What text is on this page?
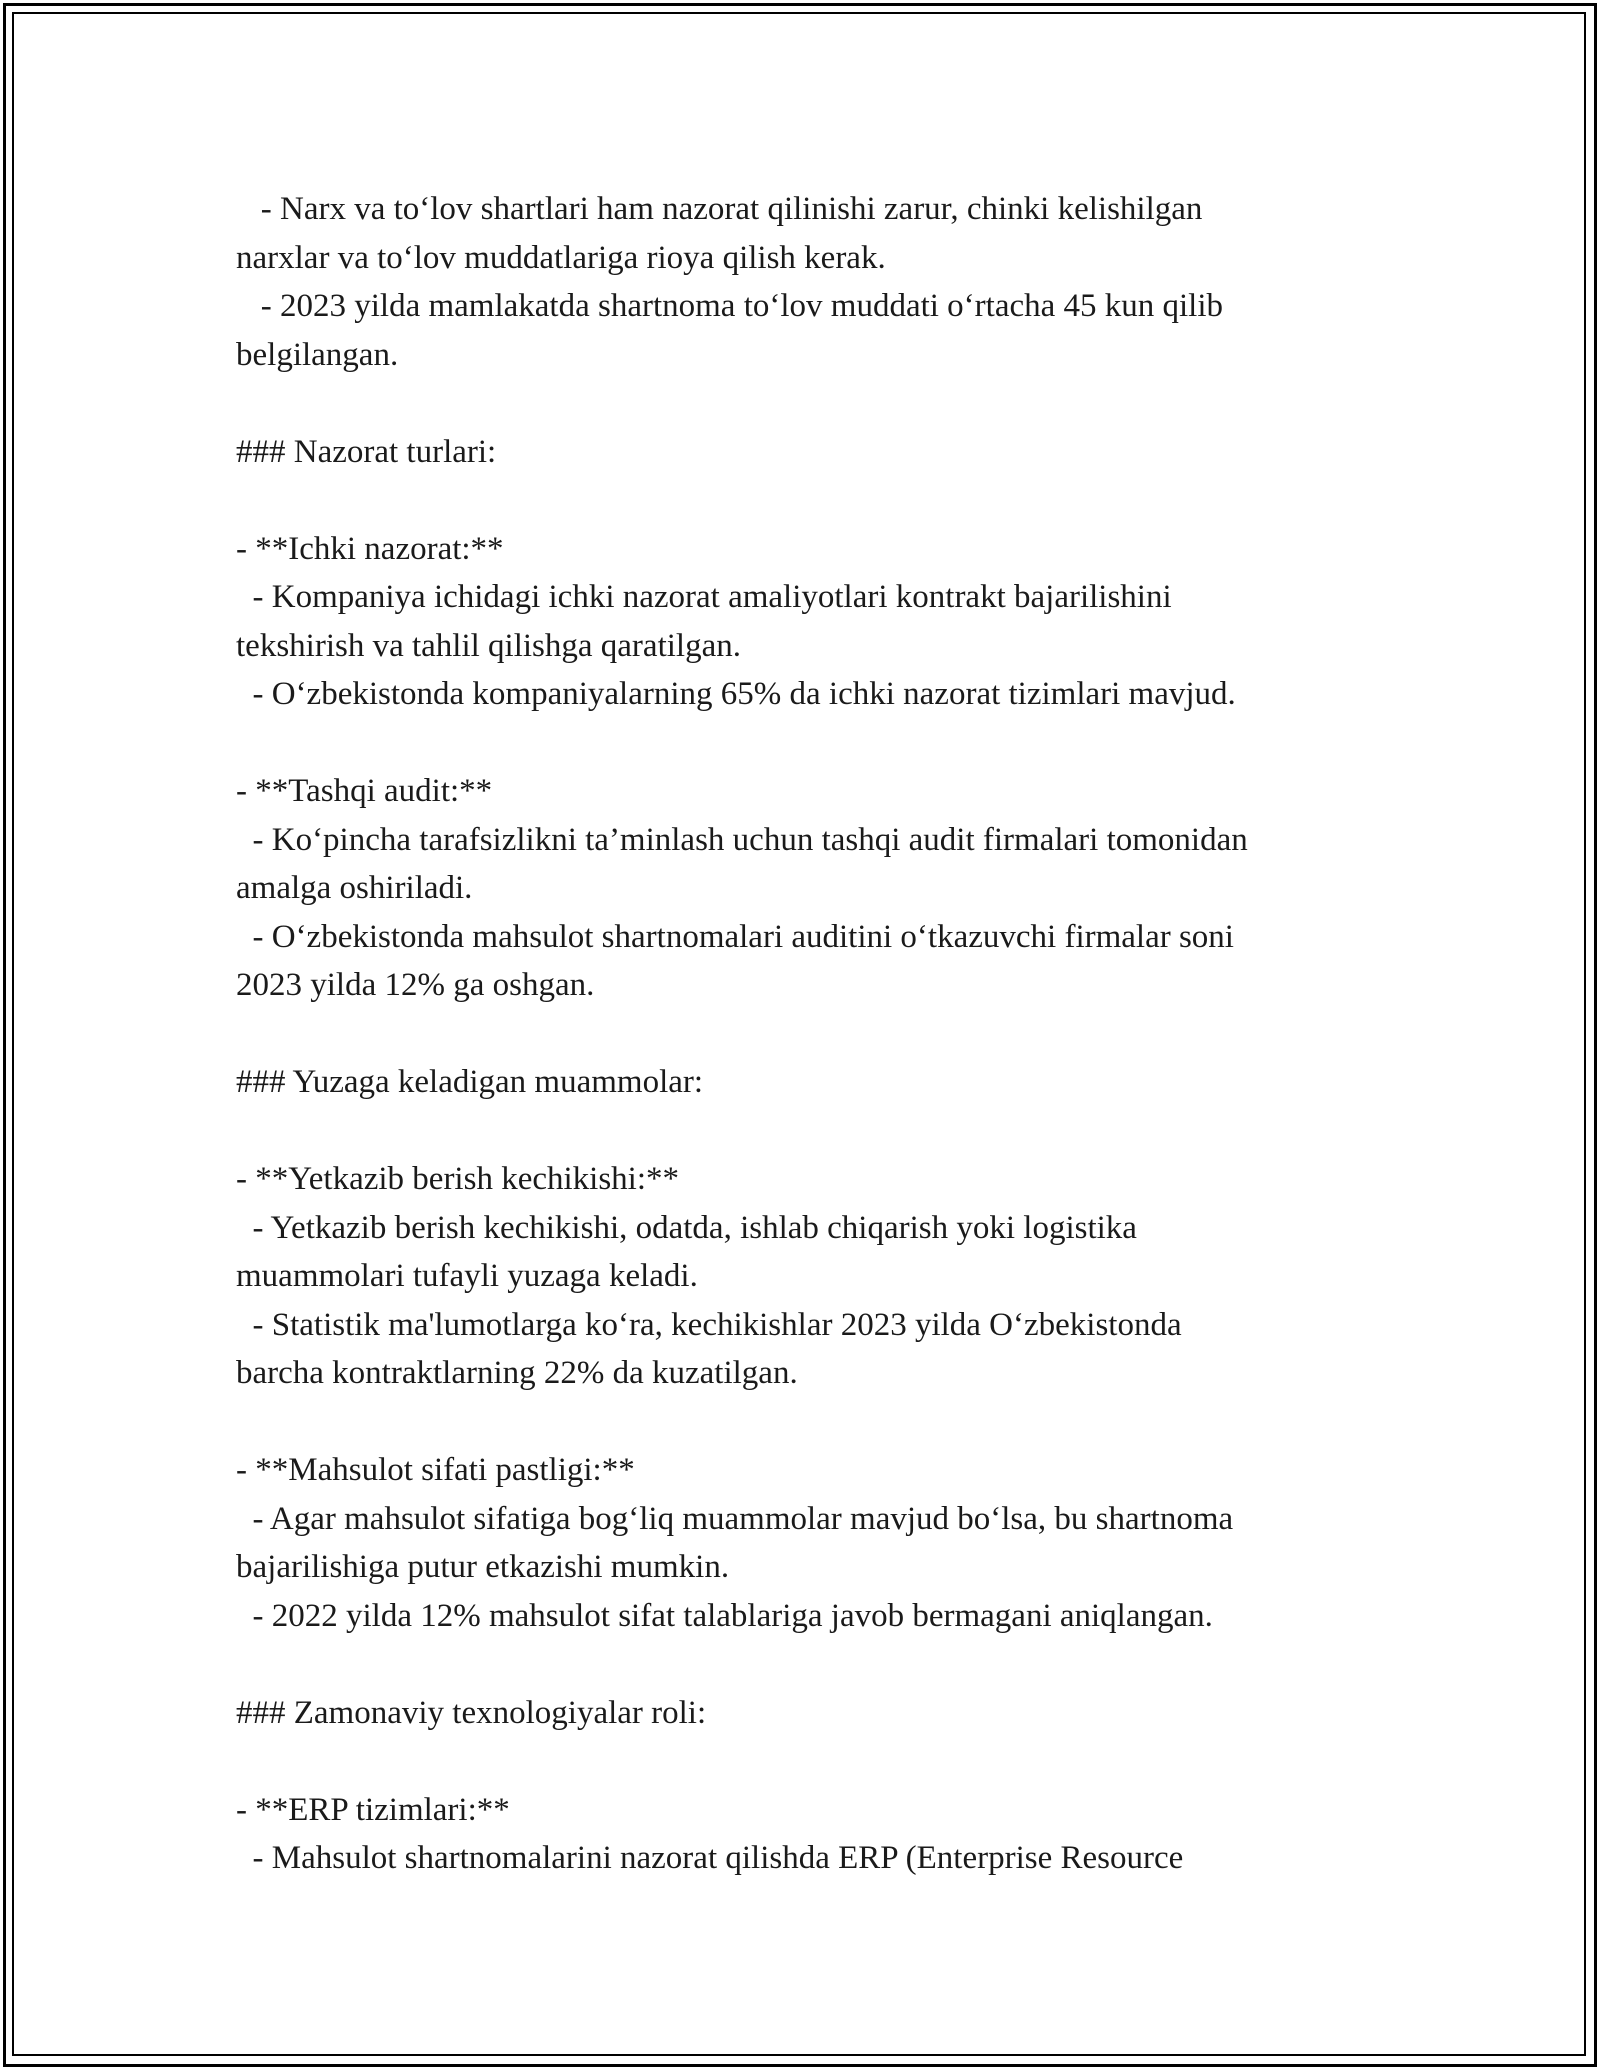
- Narx va to‘lov shartlari ham nazorat qilinishi zarur, chinki kelishilgan
narxlar va to‘lov muddatlariga rioya qilish kerak.
- 2023 yilda mamlakatda shartnoma to‘lov muddati o‘rtacha 45 kun qilib
belgilangan.
### Nazorat turlari:
- **Ichki nazorat:**
- Kompaniya ichidagi ichki nazorat amaliyotlari kontrakt bajarilishini
tekshirish va tahlil qilishga qaratilgan.
- O‘zbekistonda kompaniyalarning 65% da ichki nazorat tizimlari mavjud.
- **Tashqi audit:**
- Ko‘pincha tarafsizlikni ta’minlash uchun tashqi audit firmalari tomonidan
amalga oshiriladi.
- O‘zbekistonda mahsulot shartnomalari auditini o‘tkazuvchi firmalar soni
2023 yilda 12% ga oshgan.
### Yuzaga keladigan muammolar:
- **Yetkazib berish kechikishi:**
- Yetkazib berish kechikishi, odatda, ishlab chiqarish yoki logistika
muammolari tufayli yuzaga keladi.
- Statistik ma'lumotlarga ko‘ra, kechikishlar 2023 yilda O‘zbekistonda
barcha kontraktlarning 22% da kuzatilgan.
- **Mahsulot sifati pastligi:**
- Agar mahsulot sifatiga bog‘liq muammolar mavjud bo‘lsa, bu shartnoma
bajarilishiga putur etkazishi mumkin.
- 2022 yilda 12% mahsulot sifat talablariga javob bermagani aniqlangan.
### Zamonaviy texnologiyalar roli:
- **ERP tizimlari:**
- Mahsulot shartnomalarini nazorat qilishda ERP (Enterprise Resource
